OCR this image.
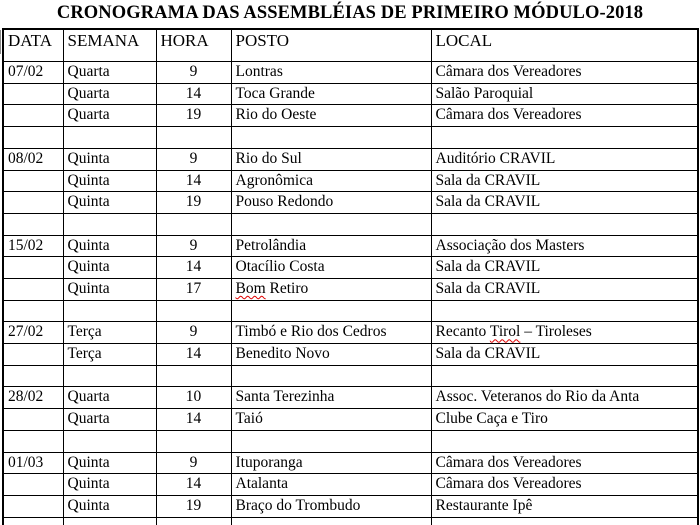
CRONOGRAMA DAS ASSEMBLÉIAS DE PRIMEIRO MÓDULO-2018
DATA	SEMANA	HORA	POSTO	LOCAL
07/02	Quarta	9	Lontras	Câmara dos Vereadores
	Quarta	14	Toca Grande	Salão Paroquial
	Quarta	19	Rio do Oeste	Câmara dos Vereadores

08/02	Quinta	9	Rio do Sul	Auditório CRAVIL
	Quinta	14	Agronômica	Sala da CRAVIL
	Quinta	19	Pouso Redondo	Sala da CRAVIL

15/02	Quinta	9	Petrolândia	Associação dos Masters
	Quinta	14	Otacílio Costa	Sala da CRAVIL
	Quinta	17	Bom Retiro	Sala da CRAVIL

27/02	Terça	9	Timbó e Rio dos Cedros	Recanto Tirol – Tiroleses
	Terça	14	Benedito Novo	Sala da CRAVIL

28/02	Quarta	10	Santa Terezinha	Assoc. Veteranos do Rio da Anta
	Quarta	14	Taió	Clube Caça e Tiro

01/03	Quinta	9	Ituporanga	Câmara dos Vereadores
	Quinta	14	Atalanta	Câmara dos Vereadores
	Quinta	19	Braço do Trombudo	Restaurante Ipê
